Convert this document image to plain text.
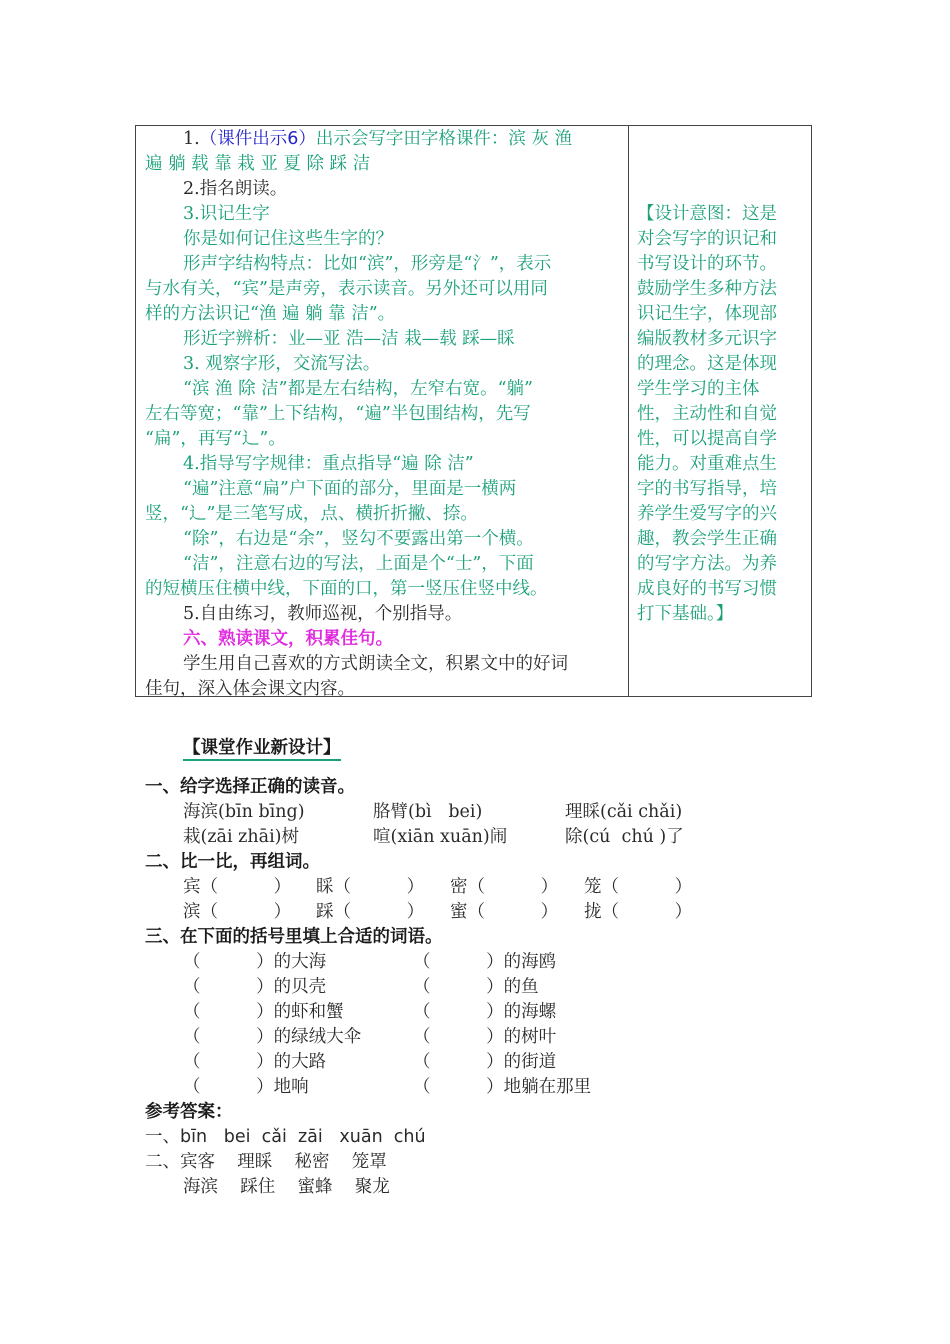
1.（课件出示6）出示会写字田字格课件：滨 灰 渔
遍 躺 载 靠 栽 亚 夏 除 踩 洁
2.指名朗读。
3.识记生字
你是如何记住这些生字的？
形声字结构特点：比如“滨”，形旁是“氵”，表示
与水有关，“宾”是声旁，表示读音。另外还可以用同
样的方法识记“渔 遍 躺 靠 洁”。
形近字辨析：业—亚 浩—洁 栽—载 踩—睬
3. 观察字形，交流写法。
“滨 渔 除 洁”都是左右结构，左窄右宽。“躺”
左右等宽；“靠”上下结构，“遍”半包围结构，先写
“扁”，再写“辶”。
4.指导写字规律：重点指导“遍 除 洁”
“遍”注意“扁”户下面的部分，里面是一横两
竖，“辶”是三笔写成，点、横折折撇、捺。
“除”，右边是“余”，竖勾不要露出第一个横。
“洁”，注意右边的写法，上面是个“士”，下面
的短横压住横中线，下面的口，第一竖压住竖中线。
5.自由练习，教师巡视，个别指导。
六、熟读课文，积累佳句。
学生用自己喜欢的方式朗读全文，积累文中的好词
佳句，深入体会课文内容。
【设计意图：这是
对会写字的识记和
书写设计的环节。
鼓励学生多种方法
识记生字，体现部
编版教材多元识字
的理念。这是体现
学生学习的主体
性，主动性和自觉
性，可以提高自学
能力。对重难点生
字的书写指导，培
养学生爱写字的兴
趣，教会学生正确
的写字方法。为养
成良好的书写习惯
打下基础。】
【课堂作业新设计】
一、给字选择正确的读音。
海滨(bīn bīng)	胳臂(bì   bei)	理睬(cǎi chǎi)
栽(zāi zhāi)树	喧(xiān xuān)闹	除(cú  chú )了
二、比一比，再组词。
宾（          ） 睬（          ） 密（          ） 笼（          ）
滨（          ） 踩（          ） 蜜（          ） 拢（          ）
三、在下面的括号里填上合适的词语。
（          ）的大海	（          ）的海鸥
（          ）的贝壳	（          ）的鱼
（          ）的虾和蟹	（          ）的海螺
（          ）的绿绒大伞	（          ）的树叶
（          ）的大路	（          ）的街道
（          ）地响	（          ）地躺在那里
参考答案：
一、bīn   bei  cǎi  zāi   xuān  chú
二、宾客    理睬    秘密    笼罩
海滨    踩住    蜜蜂    聚龙
